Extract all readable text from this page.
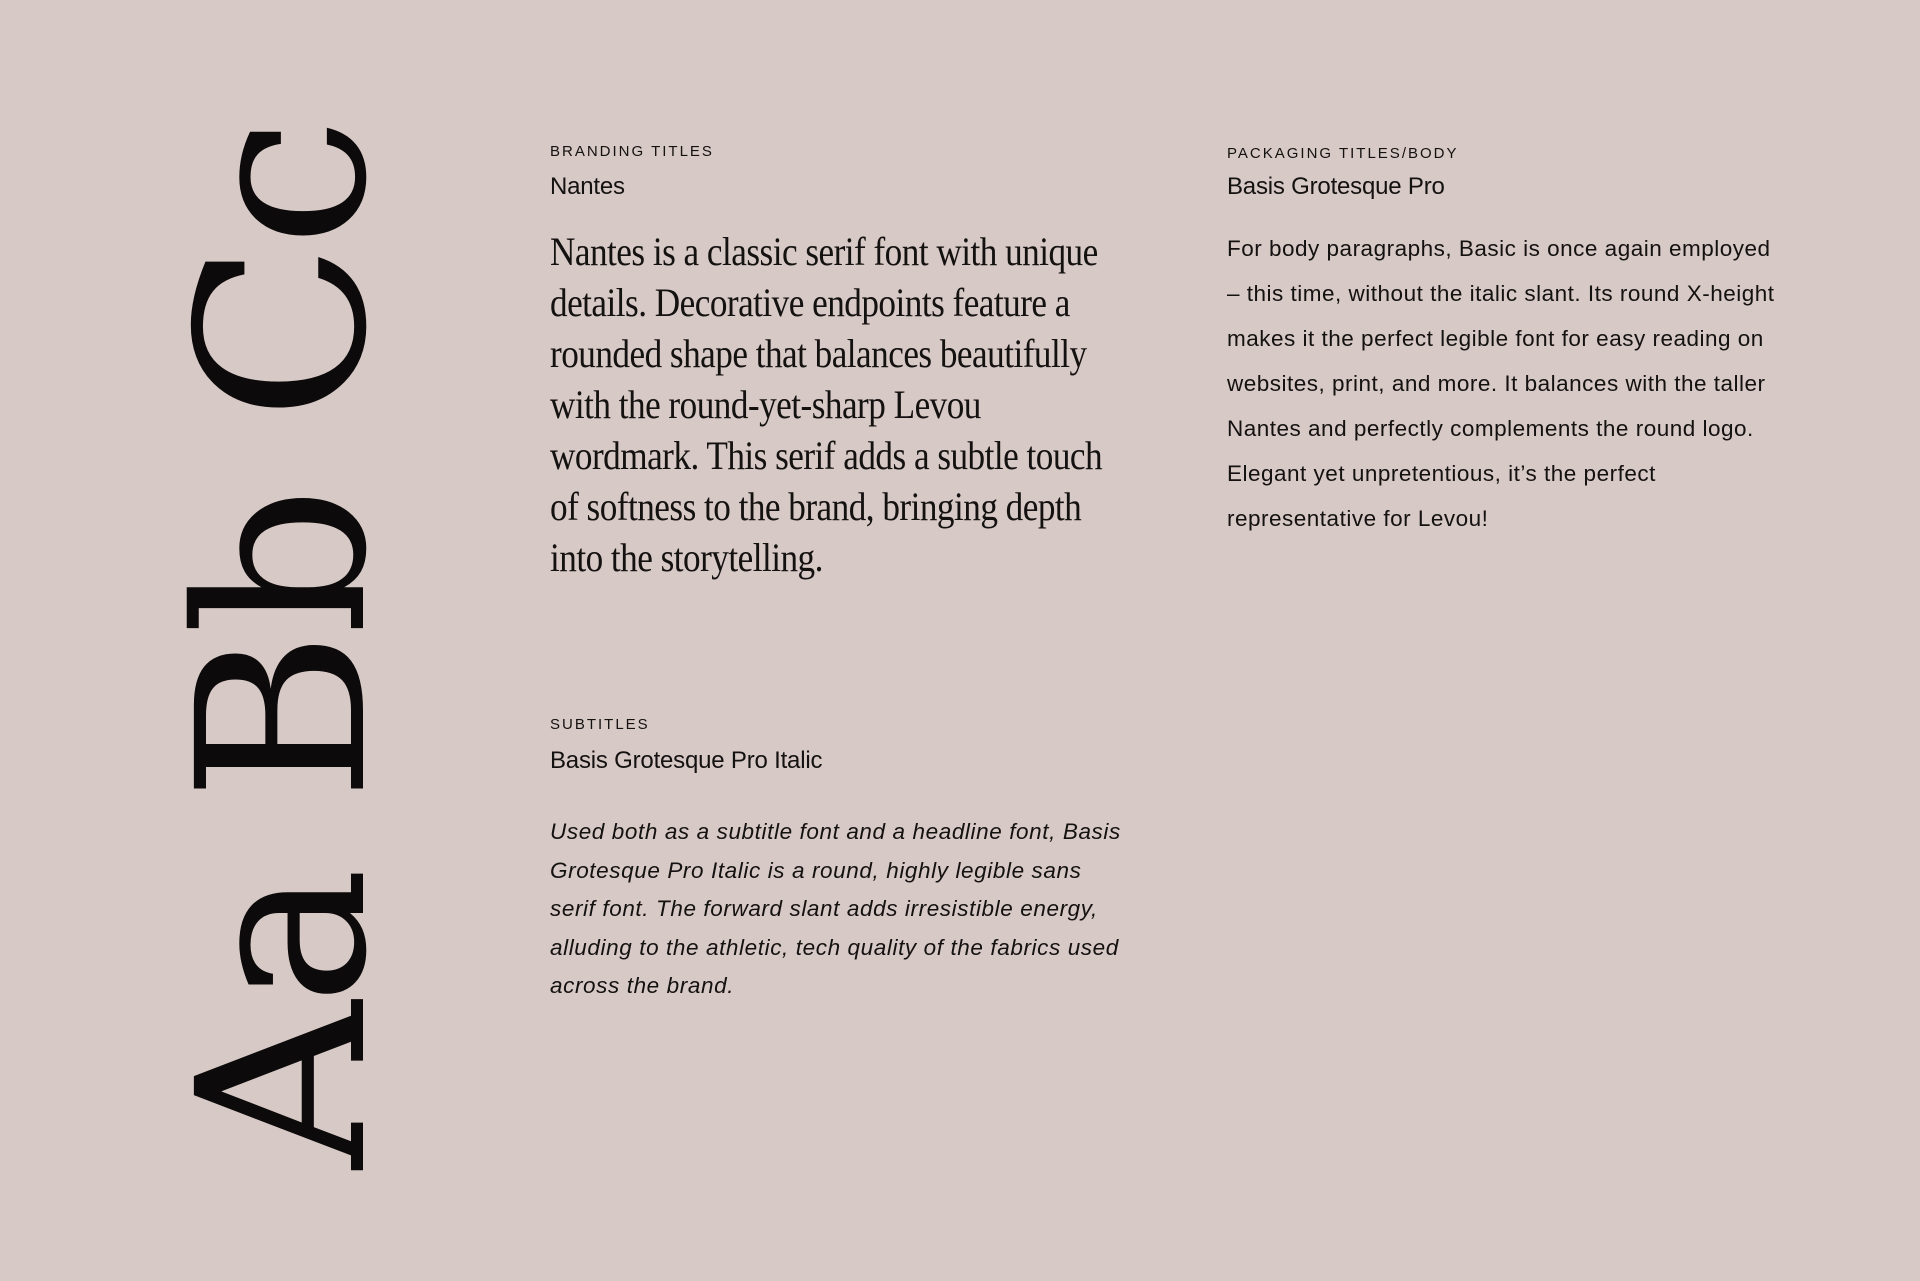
Aa Bb Cc	BRANDING TITLES

Nantes

Nantes is a classic serif font with unique details. Decorative endpoints feature a rounded shape that balances beautifully with the round-yet-sharp Levou wordmark. This serif adds a subtle touch of softness to the brand, bringing depth into the storytelling.

SUBTITLES

Basis Grotesque Pro Italic

Used both as a subtitle font and a headline font, Basis Grotesque Pro Italic is a round, highly legible sans serif font. The forward slant adds irresistible energy, alluding to the athletic, tech quality of the fabrics used across the brand.

PACKAGING TITLES/BODY

Basis Grotesque Pro

For body paragraphs, Basic is once again employed – this time, without the italic slant. Its round X-height makes it the perfect legible font for easy reading on websites, print, and more. It balances with the taller Nantes and perfectly complements the round logo. Elegant yet unpretentious, it’s the perfect representative for Levou!
